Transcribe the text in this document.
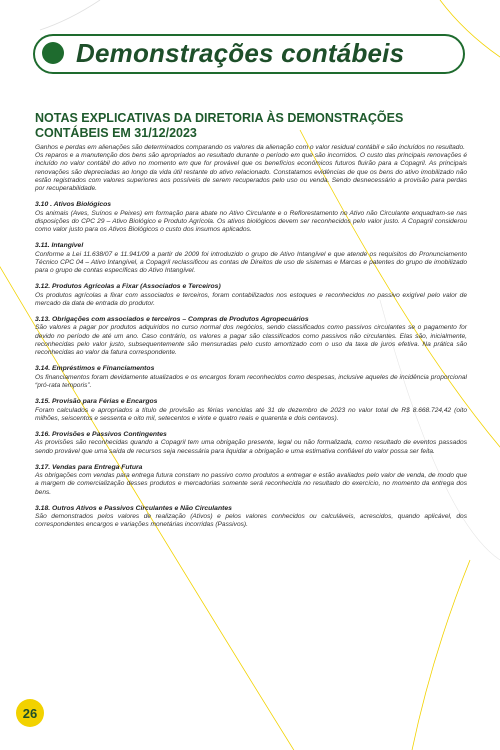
Demonstrações contábeis
NOTAS EXPLICATIVAS DA DIRETORIA ÀS DEMONSTRAÇÕES CONTÁBEIS EM 31/12/2023

Ganhos e perdas em alienações são determinados comparando os valores da alienação com o valor residual contábil e são incluídos no resultado.

Os reparos e a manutenção dos bens são apropriados ao resultado durante o período em que são incorridos. O custo das principais renovações é incluído no valor contábil do ativo no momento em que for provável que os benefícios econômicos futuros fluirão para a Copagril. As principais renovações são depreciadas ao longo da vida útil restante do ativo relacionado. Constatamos evidências de que os bens do ativo imobilizado não estão registrados com valores superiores aos possíveis de serem recuperados pelo uso ou venda. Sendo desnecessário a provisão para perdas por recuperabilidade.

3.10 . Ativos Biológicos

Os animais (Aves, Suínos e Peixes) em formação para abate no Ativo Circulante e o Reflorestamento no Ativo não Circulante enquadram-se nas disposições do CPC 29 – Ativo Biológico e Produto Agrícola. Os ativos biológicos devem ser reconhecidos pelo valor justo. A Copagril considerou como valor justo para os Ativos Biológicos o custo dos insumos aplicados.

3.11. Intangível

Conforme a Lei 11.638/07 e 11.941/09 a partir de 2009 foi introduzido o grupo de Ativo Intangível e que atende os requisitos do Pronunciamento Técnico CPC 04 – Ativo Intangível, a Copagril reclassificou as contas de Direitos de uso de sistemas e Marcas e patentes do grupo de imobilizado para o grupo de contas específicas do Ativo Intangível.

3.12. Produtos Agrícolas a Fixar (Associados e Terceiros)

Os produtos agrícolas a fixar com associados e terceiros, foram contabilizados nos estoques e reconhecidos no passivo exigível pelo valor de mercado da data de entrada do produtor.

3.13. Obrigações com associados e terceiros – Compras de Produtos Agropecuários

São valores a pagar por produtos adquiridos no curso normal dos negócios, sendo classificados como passivos circulantes se o pagamento for devido no período de até um ano. Caso contrário, os valores a pagar são classificados como passivos não circulantes. Elas são, inicialmente, reconhecidas pelo valor justo, subsequentemente são mensuradas pelo custo amortizado com o uso da taxa de juros efetiva. Na prática são reconhecidas ao valor da fatura correspondente.

3.14. Empréstimos e Financiamentos

Os financiamentos foram devidamente atualizados e os encargos foram reconhecidos como despesas, inclusive aqueles de incidência proporcional “pró-rata temporis”.

3.15. Provisão para Férias e Encargos

Foram calculados e apropriados a título de provisão as férias vencidas até 31 de dezembro de 2023 no valor total de R$ 8.668.724,42 (oito milhões, seiscentos e sessenta e oito mil, setecentos e vinte e quatro reais e quarenta e dois centavos).

3.16. Provisões e Passivos Contingentes

As provisões são reconhecidas quando a Copagril tem uma obrigação presente, legal ou não formalizada, como resultado de eventos passados sendo provável que uma saída de recursos seja necessária para liquidar a obrigação e uma estimativa confiável do valor possa ser feita.

3.17. Vendas para Entrega Futura

As obrigações com vendas para entrega futura constam no passivo como produtos a entregar e estão avaliados pelo valor de venda, de modo que a margem de comercialização desses produtos e mercadorias somente será reconhecida no resultado do exercício, no momento da entrega dos bens.

3.18. Outros Ativos e Passivos Circulantes e Não Circulantes

São demonstrados pelos valores de realização (Ativos) e pelos valores conhecidos ou calculáveis, acrescidos, quando aplicável, dos correspondentes encargos e variações monetárias incorridas (Passivos).

26
